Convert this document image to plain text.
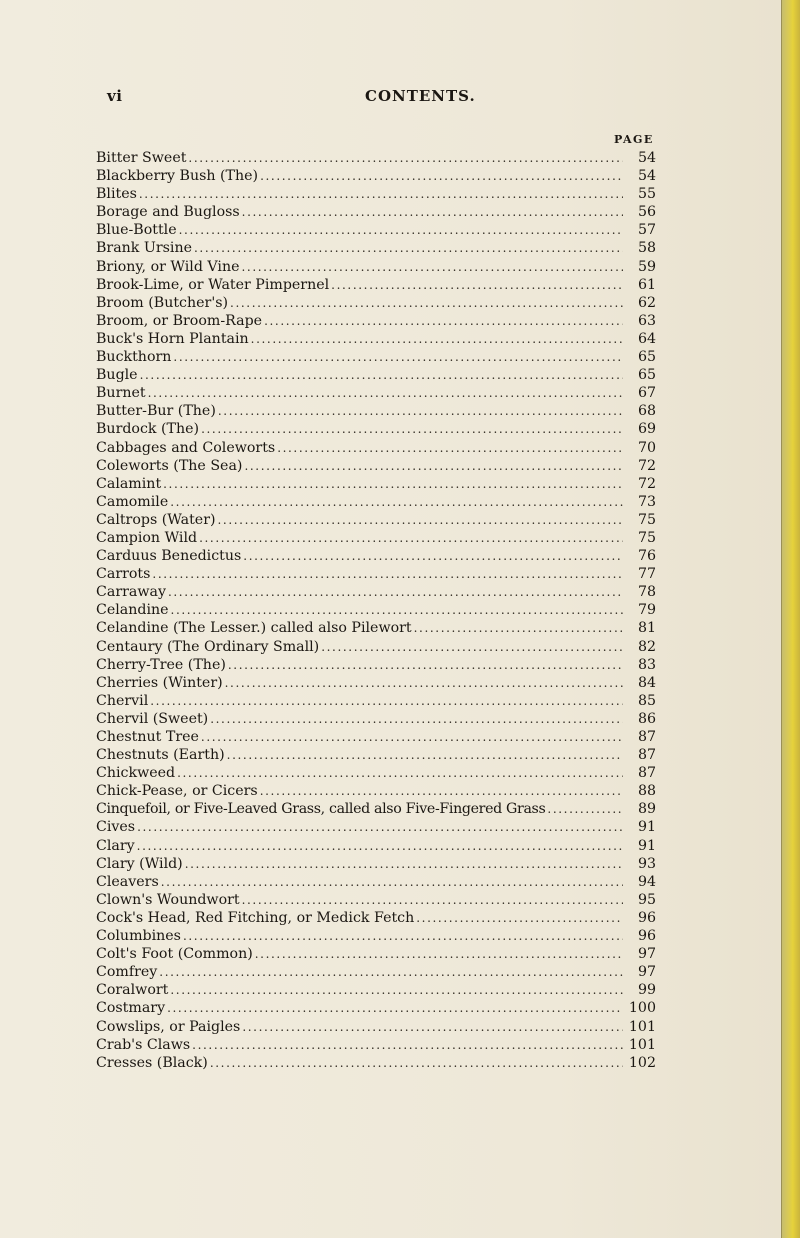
vi	CONTENTS.
PAGE
Bitter Sweet .....	54
Blackberry Bush (The) .....	54
Blites .....	55
Borage and Bugloss .....	56
Blue-Bottle .....	57
Brank Ursine .....	58
Briony, or Wild Vine .....	59
Brook-Lime, or Water Pimpernel .....	61
Broom (Butcher's) .....	62
Broom, or Broom-Rape .....	63
Buck's Horn Plantain .....	64
Buckthorn .....	65
Bugle .....	65
Burnet .....	67
Butter-Bur (The) .....	68
Burdock (The) .....	69
Cabbages and Coleworts .....	70
Coleworts (The Sea) .....	72
Calamint .....	72
Camomile .....	73
Caltrops (Water) .....	75
Campion Wild .....	75
Carduus Benedictus .....	76
Carrots .....	77
Carraway .....	78
Celandine .....	79
Celandine (The Lesser.) called also Pilewort .....	81
Centaury (The Ordinary Small) .....	82
Cherry-Tree (The) .....	83
Cherries (Winter) .....	84
Chervil .....	85
Chervil (Sweet) .....	86
Chestnut Tree .....	87
Chestnuts (Earth) .....	87
Chickweed .....	87
Chick-Pease, or Cicers .....	88
Cinquefoil, or Five-Leaved Grass, called also Five-Fingered Grass .....	89
Cives .....	91
Clary .....	91
Clary (Wild) .....	93
Cleavers .....	94
Clown's Woundwort .....	95
Cock's Head, Red Fitching, or Medick Fetch .....	96
Columbines .....	96
Colt's Foot (Common) .....	97
Comfrey .....	97
Coralwort .....	99
Costmary .....	100
Cowslips, or Paigles .....	101
Crab's Claws .....	101
Cresses (Black) .....	102
